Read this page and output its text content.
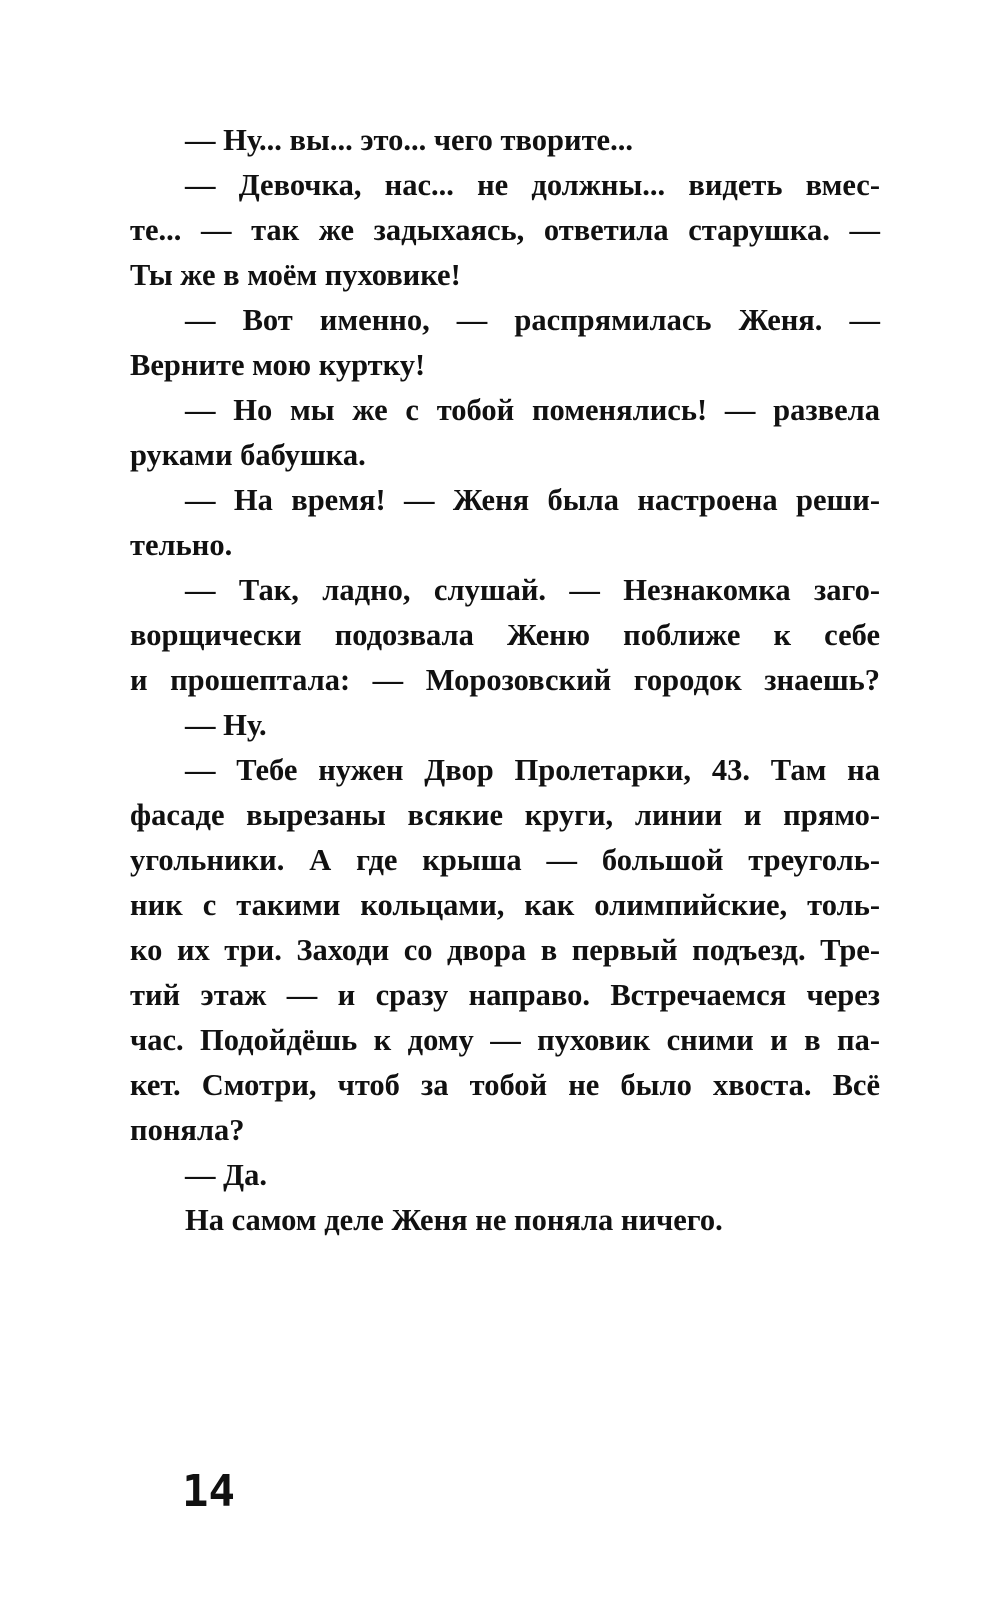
— Ну... вы... это... чего творите...
— Девочка, нас... не должны... видеть вмес-
те... — так же задыхаясь, ответила старушка. —
Ты же в моём пуховике!
— Вот именно, — распрямилась Женя. —
Верните мою куртку!
— Но мы же с тобой поменялись! — развела
руками бабушка.
— На время! — Женя была настроена реши-
тельно.
— Так, ладно, слушай. — Незнакомка заго-
ворщически подозвала Женю поближе к себе
и прошептала: — Морозовский городок знаешь?
— Ну.
— Тебе нужен Двор Пролетарки, 43. Там на
фасаде вырезаны всякие круги, линии и прямо-
угольники. А где крыша — большой треуголь-
ник с такими кольцами, как олимпийские, толь-
ко их три. Заходи со двора в первый подъезд. Тре-
тий этаж — и сразу направо. Встречаемся через
час. Подойдёшь к дому — пуховик сними и в па-
кет. Смотри, чтоб за тобой не было хвоста. Всё
поняла?
— Да.
На самом деле Женя не поняла ничего.
14
